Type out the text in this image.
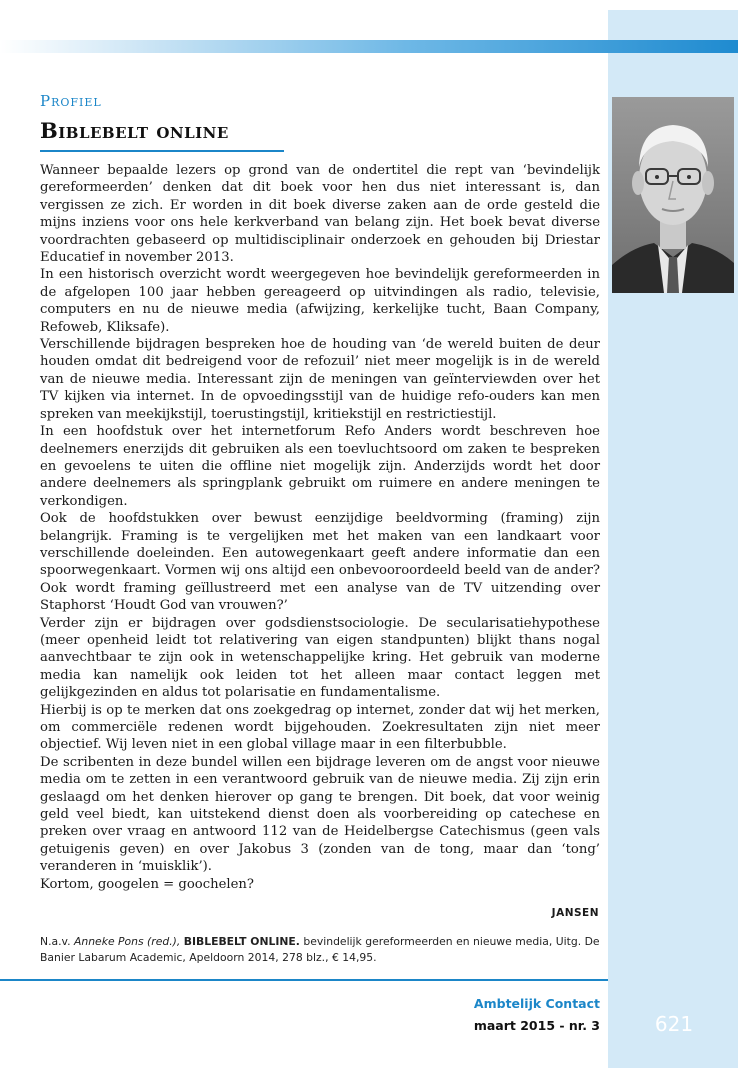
Profiel
Biblebelt online

Wanneer bepaalde lezers op grond van de ondertitel die rept van ‘bevindelijk gereformeerden’ denken dat dit boek voor hen dus niet interessant is, dan vergissen ze zich. Er worden in dit boek diverse zaken aan de orde gesteld die mijns inziens voor ons hele kerkverband van belang zijn. Het boek bevat diverse voordrachten gebaseerd op multidisciplinair onderzoek en gehouden bij Driestar Educatief in november 2013.

In een historisch overzicht wordt weergegeven hoe bevindelijk gereformeerden in de afgelopen 100 jaar hebben gereageerd op uitvindingen als radio, televisie, computers en nu de nieuwe media (afwijzing, kerkelijke tucht, Baan Company, Refoweb, Kliksafe).

Verschillende bijdragen bespreken hoe de houding van ‘de wereld buiten de deur houden omdat dit bedreigend voor de refozuil’ niet meer mogelijk is in de wereld van de nieuwe media. Interessant zijn de meningen van geïnterviewden over het TV kijken via internet. In de opvoedingsstijl van de huidige refo-ouders kan men spreken van meekijkstijl, toerustingstijl, kritiekstijl en restrictiestijl.

In een hoofdstuk over het internetforum Refo Anders wordt beschreven hoe deelnemers enerzijds dit gebruiken als een toevluchtsoord om zaken te bespreken en gevoelens te uiten die offline niet mogelijk zijn. Anderzijds wordt het door andere deelnemers als springplank gebruikt om ruimere en andere meningen te verkondigen.

Ook de hoofdstukken over bewust eenzijdige beeldvorming (framing) zijn belangrijk. Framing is te vergelijken met het maken van een landkaart voor verschillende doeleinden. Een autowegenkaart geeft andere informatie dan een spoorwegenkaart. Vormen wij ons altijd een onbevooroordeeld beeld van de ander? Ook wordt framing geïllustreerd met een analyse van de TV uitzending over Staphorst ‘Houdt God van vrouwen?’

Verder zijn er bijdragen over godsdienstsociologie. De secularisatiehypothese (meer openheid leidt tot relativering van eigen standpunten) blijkt thans nogal aanvechtbaar te zijn ook in wetenschappelijke kring. Het gebruik van moderne media kan namelijk ook leiden tot het alleen maar contact leggen met gelijkgezinden en aldus tot polarisatie en fundamentalisme.

Hierbij is op te merken dat ons zoekgedrag op internet, zonder dat wij het merken, om commerciële redenen wordt bijgehouden. Zoekresultaten zijn niet meer objectief. Wij leven niet in een global village maar in een filterbubble.

De scribenten in deze bundel willen een bijdrage leveren om de angst voor nieuwe media om te zetten in een verantwoord gebruik van de nieuwe media. Zij zijn erin geslaagd om het denken hierover op gang te brengen. Dit boek, dat voor weinig geld veel biedt, kan uitstekend dienst doen als voorbereiding op catechese en preken over vraag en antwoord 112 van de Heidelbergse Catechismus (geen vals getuigenis geven) en over Jakobus 3 (zonden van de tong, maar dan ‘tong’ veranderen in ‘muisklik’).

Kortom, googelen = goochelen?

JANSEN
N.a.v. Anneke Pons (red.), BIBLEBELT ONLINE. bevindelijk gereformeerden en nieuwe media, Uitg. De Banier Labarum Academic, Apeldoorn 2014, 278 blz., € 14,95.
Ambtelijk Contact
maart 2015 - nr. 3	621
